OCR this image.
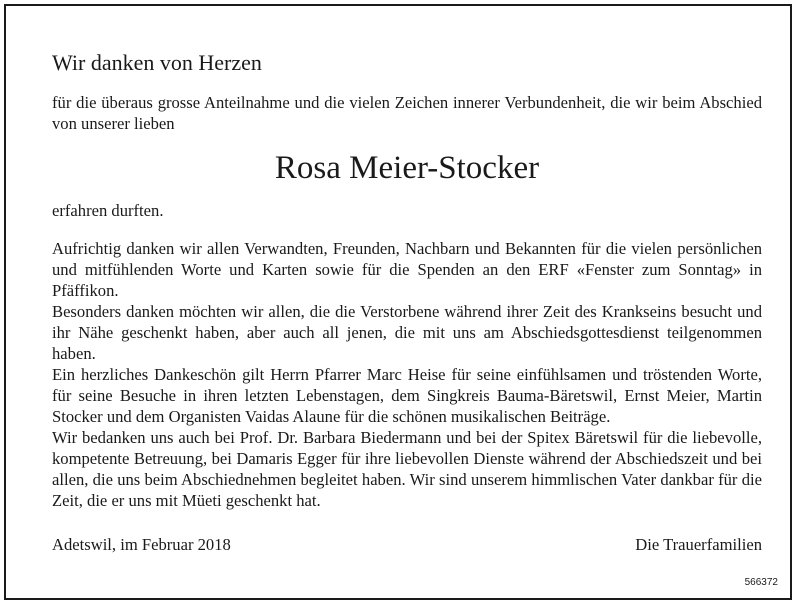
Wir danken von Herzen

für die überaus grosse Anteilnahme und die vielen Zeichen innerer Verbundenheit, die wir beim Abschied von unserer lieben

Rosa Meier-Stocker

erfahren durften.

Aufrichtig danken wir allen Verwandten, Freunden, Nachbarn und Bekannten für die vielen persönlichen und mitfühlenden Worte und Karten sowie für die Spenden an den ERF «Fenster zum Sonntag» in Pfäffikon.

Besonders danken möchten wir allen, die die Verstorbene während ihrer Zeit des Krankseins besucht und ihr Nähe geschenkt haben, aber auch all jenen, die mit uns am Abschiedsgottesdienst teilgenommen haben.

Ein herzliches Dankeschön gilt Herrn Pfarrer Marc Heise für seine einfühlsamen und tröstenden Worte, für seine Besuche in ihren letzten Lebenstagen, dem Singkreis Bauma-Bäretswil, Ernst Meier, Martin Stocker und dem Organisten Vaidas Alaune für die schönen musikalischen Beiträge.

Wir bedanken uns auch bei Prof. Dr. Barbara Biedermann und bei der Spitex Bäretswil für die liebevolle, kompetente Betreuung, bei Damaris Egger für ihre liebevollen Dienste während der Abschiedszeit und bei allen, die uns beim Abschiednehmen begleitet haben. Wir sind unserem himmlischen Vater dankbar für die Zeit, die er uns mit Müeti geschenkt hat.

Adetswil, im Februar 2018	Die Trauerfamilien
566372
